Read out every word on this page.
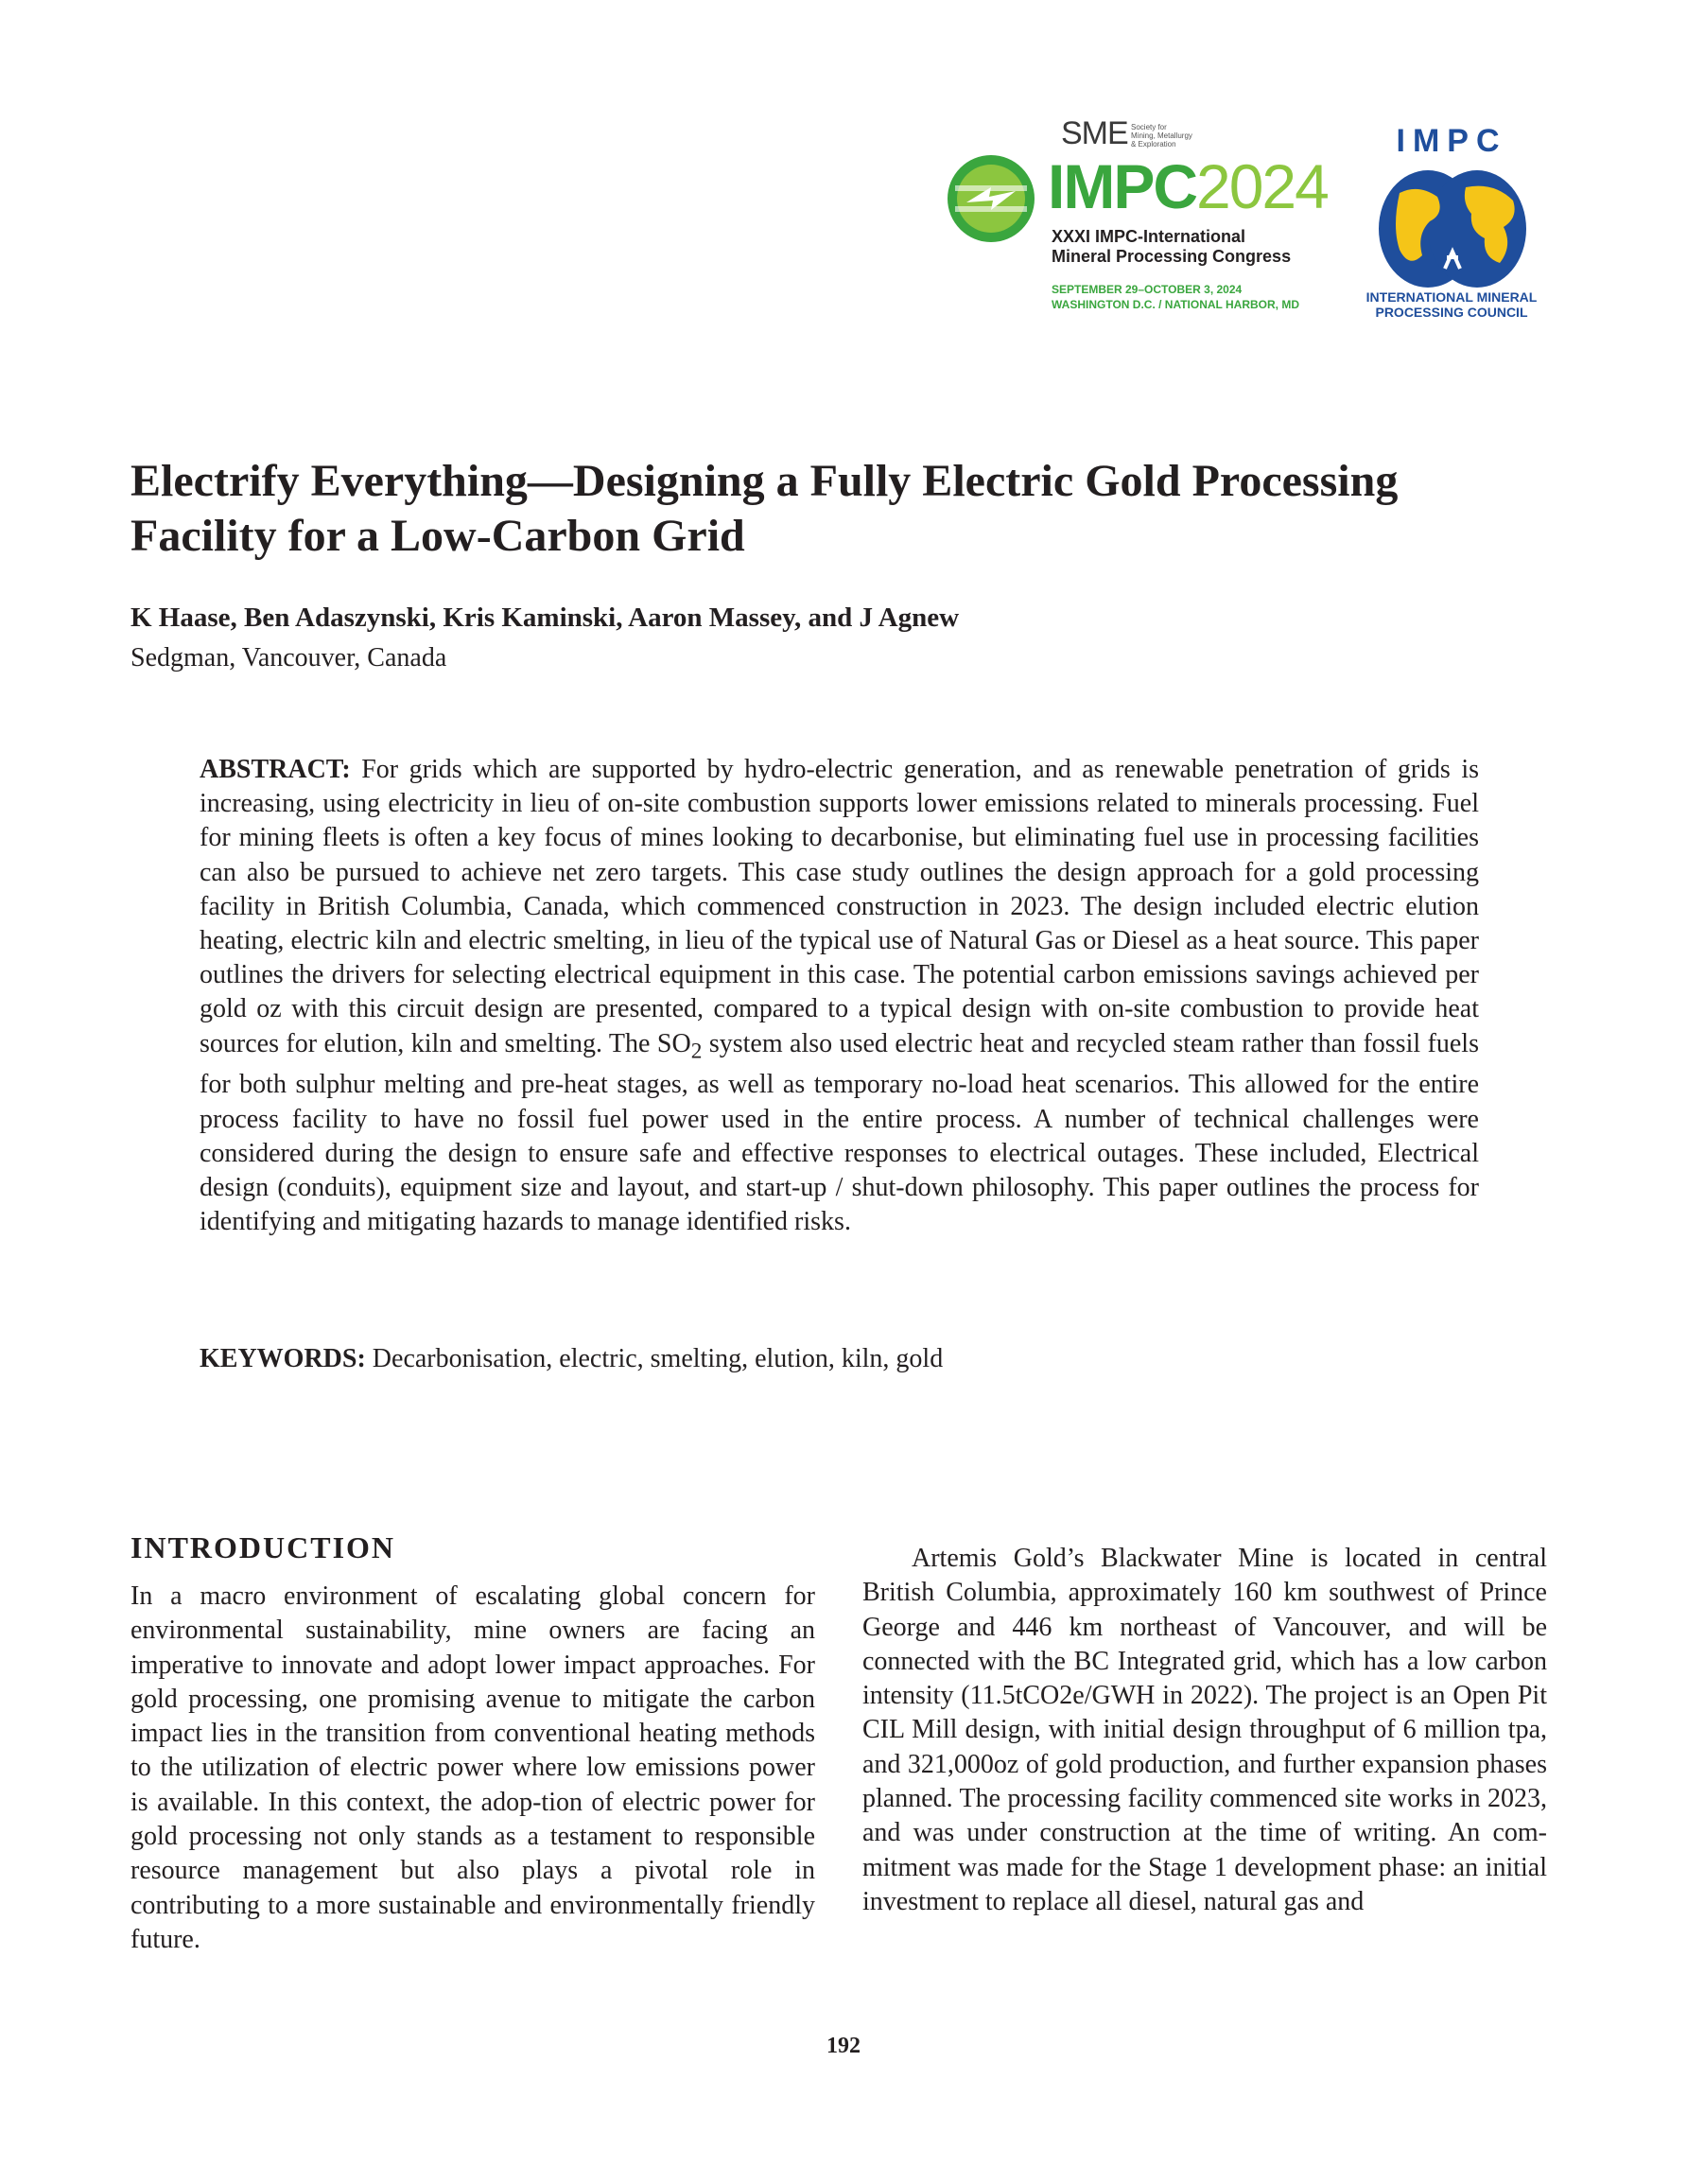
SME Society for
Mining, Metallurgy
& Exploration
IMPC2024
XXXI IMPC-International
Mineral Processing Congress
SEPTEMBER 29–OCTOBER 3, 2024
WASHINGTON D.C. / NATIONAL HARBOR, MD
IMPC
INTERNATIONAL MINERAL
PROCESSING COUNCIL
Electrify Everything—Designing a Fully Electric Gold Processing
Facility for a Low-Carbon Grid

K Haase, Ben Adaszynski, Kris Kaminski, Aaron Massey, and J Agnew

Sedgman, Vancouver, Canada

ABSTRACT: For grids which are supported by hydro-electric generation, and as renewable penetration of grids is increasing, using electricity in lieu of on-site combustion supports lower emissions related to minerals processing. Fuel for mining fleets is often a key focus of mines looking to decarbonise, but eliminating fuel use in processing facilities can also be pursued to achieve net zero targets. This case study outlines the design approach for a gold processing facility in British Columbia, Canada, which commenced construction in 2023. The design included electric elution heating, electric kiln and electric smelting, in lieu of the typical use of Natural Gas or Diesel as a heat source. This paper outlines the drivers for selecting electrical equipment in this case. The potential carbon emissions savings achieved per gold oz with this circuit design are presented, compared to a typical design with on-site combustion to provide heat sources for elution, kiln and smelting. The $SO_2$ system also used electric heat and recycled steam rather than fossil fuels for both sulphur melting and pre-heat stages, as well as temporary no-load heat scenarios. This allowed for the entire process facility to have no fossil fuel power used in the entire process. A number of technical challenges were considered during the design to ensure safe and effective responses to electrical outages. These included, Electrical design (conduits), equipment size and layout, and start-up / shut-down philosophy. This paper outlines the process for identifying and mitigating hazards to manage identified risks.

KEYWORDS: Decarbonisation, electric, smelting, elution, kiln, gold

INTRODUCTION

In a macro environment of escalating global concern for environmental sustainability, mine owners are facing an imperative to innovate and adopt lower impact approaches. For gold processing, one promising avenue to mitigate the carbon impact lies in the transition from conventional heating methods to the utilization of electric power where low emissions power is available. In this context, the adop-tion of electric power for gold processing not only stands as a testament to responsible resource management but also plays a pivotal role in contributing to a more sustainable and environmentally friendly future.

Artemis Gold’s Blackwater Mine is located in central British Columbia, approximately 160 km southwest of Prince George and 446 km northeast of Vancouver, and will be connected with the BC Integrated grid, which has a low carbon intensity (11.5tCO2e/GWH in 2022). The project is an Open Pit CIL Mill design, with initial design throughput of 6 million tpa, and 321,000oz of gold production, and further expansion phases planned. The processing facility commenced site works in 2023, and was under construction at the time of writing. An com-mitment was made for the Stage 1 development phase: an initial investment to replace all diesel, natural gas and

192
